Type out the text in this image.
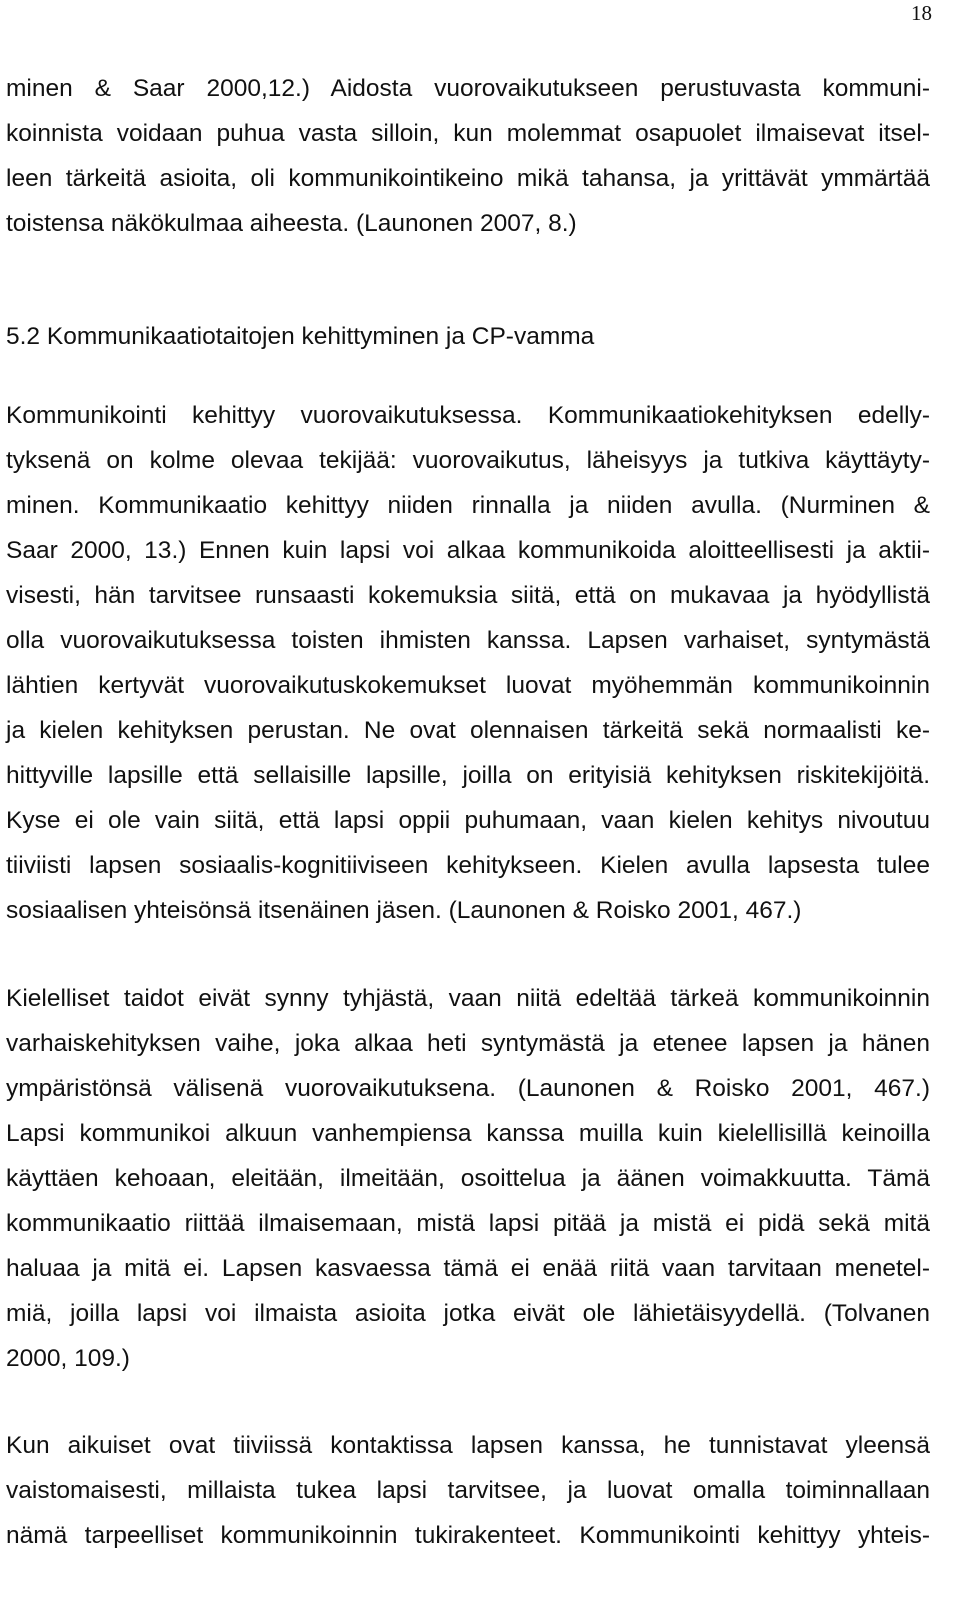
18
minen & Saar 2000,12.) Aidosta vuorovaikutukseen perustuvasta kommuni-
koinnista voidaan puhua vasta silloin, kun molemmat osapuolet ilmaisevat itsel-
leen tärkeitä asioita, oli kommunikointikeino mikä tahansa, ja yrittävät ymmärtää
toistensa näkökulmaa aiheesta. (Launonen 2007, 8.)
5.2 Kommunikaatiotaitojen kehittyminen ja CP-vamma
Kommunikointi kehittyy vuorovaikutuksessa. Kommunikaatiokehityksen edelly-
tyksenä on kolme olevaa tekijää: vuorovaikutus, läheisyys ja tutkiva käyttäyty-
minen. Kommunikaatio kehittyy niiden rinnalla ja niiden avulla. (Nurminen &
Saar 2000, 13.) Ennen kuin lapsi voi alkaa kommunikoida aloitteellisesti ja aktii-
visesti, hän tarvitsee runsaasti kokemuksia siitä, että on mukavaa ja hyödyllistä
olla vuorovaikutuksessa toisten ihmisten kanssa. Lapsen varhaiset, syntymästä
lähtien kertyvät vuorovaikutuskokemukset luovat myöhemmän kommunikoinnin
ja kielen kehityksen perustan. Ne ovat olennaisen tärkeitä sekä normaalisti ke-
hittyville lapsille että sellaisille lapsille, joilla on erityisiä kehityksen riskitekijöitä.
Kyse ei ole vain siitä, että lapsi oppii puhumaan, vaan kielen kehitys nivoutuu
tiiviisti lapsen sosiaalis-kognitiiviseen kehitykseen. Kielen avulla lapsesta tulee
sosiaalisen yhteisönsä itsenäinen jäsen. (Launonen & Roisko 2001, 467.)
Kielelliset taidot eivät synny tyhjästä, vaan niitä edeltää tärkeä kommunikoinnin
varhaiskehityksen vaihe, joka alkaa heti syntymästä ja etenee lapsen ja hänen
ympäristönsä välisenä vuorovaikutuksena. (Launonen & Roisko 2001, 467.)
Lapsi kommunikoi alkuun vanhempiensa kanssa muilla kuin kielellisillä keinoilla
käyttäen kehoaan, eleitään, ilmeitään, osoittelua ja äänen voimakkuutta. Tämä
kommunikaatio riittää ilmaisemaan, mistä lapsi pitää ja mistä ei pidä sekä mitä
haluaa ja mitä ei. Lapsen kasvaessa tämä ei enää riitä vaan tarvitaan menetel-
miä, joilla lapsi voi ilmaista asioita jotka eivät ole lähietäisyydellä. (Tolvanen
2000, 109.)
Kun aikuiset ovat tiiviissä kontaktissa lapsen kanssa, he tunnistavat yleensä
vaistomaisesti, millaista tukea lapsi tarvitsee, ja luovat omalla toiminnallaan
nämä tarpeelliset kommunikoinnin tukirakenteet. Kommunikointi kehittyy yhteis-
